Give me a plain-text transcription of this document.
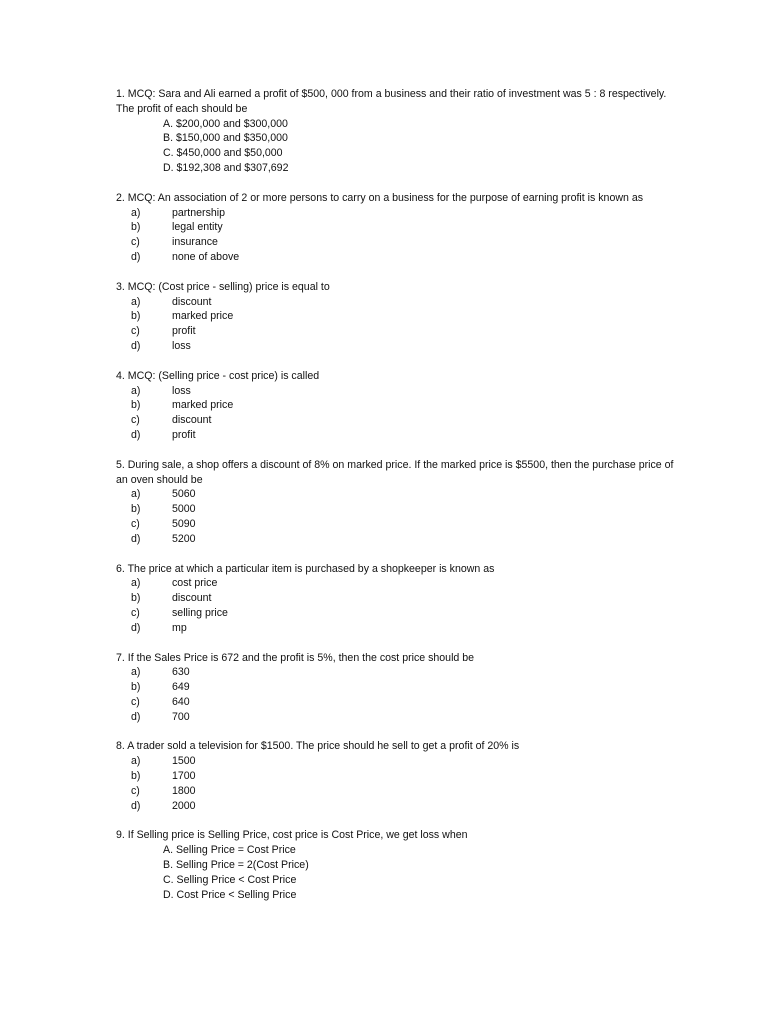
1. MCQ: Sara and Ali earned a profit of $500, 000 from a business and their ratio of investment was 5 : 8 respectively. The profit of each should be

A. $200,000 and $300,000
B. $150,000 and $350,000
C. $450,000 and $50,000
D. $192,308 and $307,692

2. MCQ: An association of 2 or more persons to carry on a business for the purpose of earning profit is known as

a)	partnership
b)	legal entity
c)	insurance
d)	none of above

3. MCQ: (Cost price - selling) price is equal to

a)	discount
b)	marked price
c)	profit
d)	loss

4. MCQ: (Selling price - cost price) is called

a)	loss
b)	marked price
c)	discount
d)	profit

5. During sale, a shop offers a discount of 8% on marked price. If the marked price is $5500, then the purchase price of an oven should be

a)	5060
b)	5000
c)	5090
d)	5200

6. The price at which a particular item is purchased by a shopkeeper is known as

a)	cost price
b)	discount
c)	selling price
d)	mp

7. If the Sales Price is 672 and the profit is 5%, then the cost price should be

a)	630
b)	649
c)	640
d)	700

8. A trader sold a television for $1500. The price should he sell to get a profit of 20% is

a)	1500
b)	1700
c)	1800
d)	2000

9. If Selling price is Selling Price, cost price is Cost Price, we get loss when

A. Selling Price = Cost Price
B. Selling Price = 2(Cost Price)
C. Selling Price < Cost Price
D. Cost Price < Selling Price
